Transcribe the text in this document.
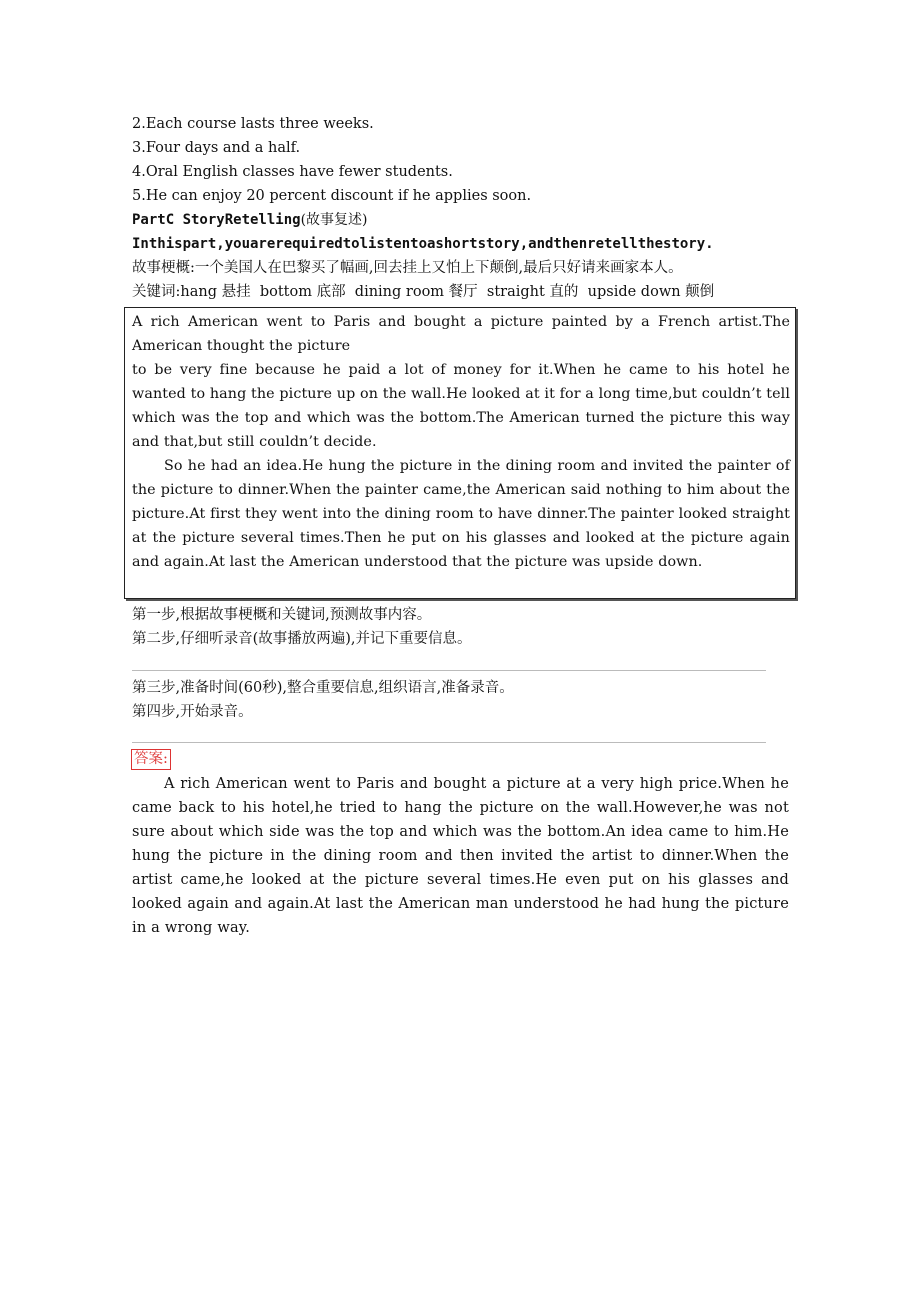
2.Each course lasts three weeks.
3.Four days and a half.
4.Oral English classes have fewer students.
5.He can enjoy 20 percent discount if he applies soon.
PartC StoryRetelling(故事复述)
Inthispart,youarerequiredtolistentoashortstory,andthenretellthestory.
故事梗概:一个美国人在巴黎买了幅画,回去挂上又怕上下颠倒,最后只好请来画家本人。
关键词:hang 悬挂  bottom 底部  dining room 餐厅  straight 直的  upside down 颠倒

A rich American went to Paris and bought a picture painted by a French artist.The American thought the picture

to be very fine because he paid a lot of money for it.When he came to his hotel he wanted to hang the picture up on the wall.He looked at it for a long time,but couldn’t tell which was the top and which was the bottom.The American turned the picture this way and that,but still couldn’t decide.

So he had an idea.He hung the picture in the dining room and invited the painter of the picture to dinner.When the painter came,the American said nothing to him about the picture.At first they went into the dining room to have dinner.The painter looked straight at the picture several times.Then he put on his glasses and looked at the picture again and again.At last the American understood that the picture was upside down.

第一步,根据故事梗概和关键词,预测故事内容。
第二步,仔细听录音(故事播放两遍),并记下重要信息。
第三步,准备时间(60秒),整合重要信息,组织语言,准备录音。
第四步,开始录音。
答案:

A rich American went to Paris and bought a picture at a very high price.When he came back to his hotel,he tried to hang the picture on the wall.However,he was not sure about which side was the top and which was the bottom.An idea came to him.He hung the picture in the dining room and then invited the artist to dinner.When the artist came,he looked at the picture several times.He even put on his glasses and looked again and again.At last the American man understood he had hung the picture in a wrong way.
